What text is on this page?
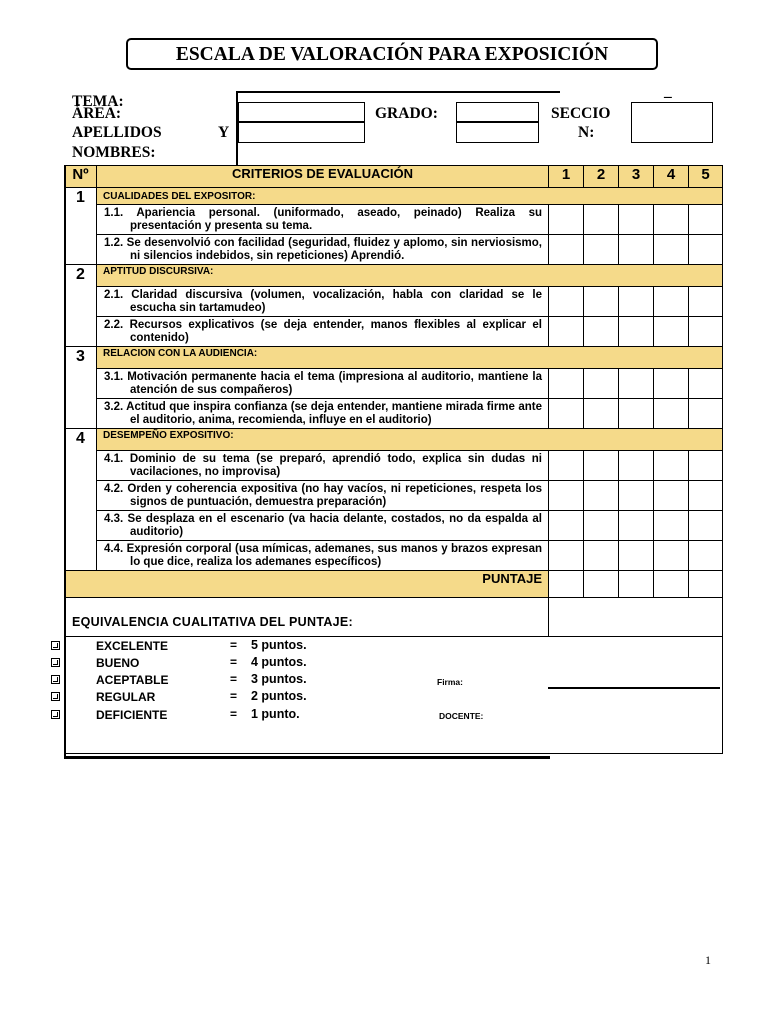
ESCALA DE VALORACIÓN PARA EXPOSICIÓN
TEMA:
ÁREA:
APELLIDOS	Y
NOMBRES:
GRADO:	SECCIO
N:
_
Nº	CRITERIOS DE EVALUACIÓN	1	2	3	4	5
1	CUALIDADES DEL EXPOSITOR:					

	1.1. Apariencia personal. (uniformado, aseado, peinado) Realiza su presentación y presenta su tema.					

	1.2. Se desenvolvió con facilidad (seguridad, fluidez y aplomo, sin nerviosismo, ni silencios indebidos, sin repeticiones) Aprendió.					

2	APTITUD DISCURSIVA:					

	2.1. Claridad discursiva (volumen, vocalización, habla con claridad se le escucha sin tartamudeo)					

	2.2. Recursos explicativos (se deja entender, manos flexibles al explicar el contenido)					

3	RELACION CON LA AUDIENCIA:					

	3.1. Motivación permanente hacia el tema (impresiona al auditorio, mantiene la atención de sus compañeros)					

	3.2. Actitud que inspira confianza (se deja entender, mantiene mirada firme ante el auditorio, anima, recomienda, influye en el auditorio)					

4	DESEMPEÑO EXPOSITIVO:					

	4.1. Dominio de su tema (se preparó, aprendió todo, explica sin dudas ni vacilaciones, no improvisa)					

	4.2. Orden y coherencia expositiva (no hay vacíos, ni repeticiones, respeta los signos de puntuación, demuestra preparación)					

	4.3. Se desplaza en el escenario (va hacia delante, costados, no da espalda al auditorio)					

	4.4. Expresión corporal (usa mímicas, ademanes, sus manos y brazos expresan lo que dice, realiza los ademanes específicos)					

PUNTAJE						
EQUIVALENCIA CUALITATIVA DEL PUNTAJE:
EXCELENTE	= 5 puntos.
BUENO	= 4 puntos.
ACEPTABLE	= 3 puntos.
REGULAR	= 2 puntos.
DEFICIENTE	= 1 punto.
Firma:
DOCENTE:
1
